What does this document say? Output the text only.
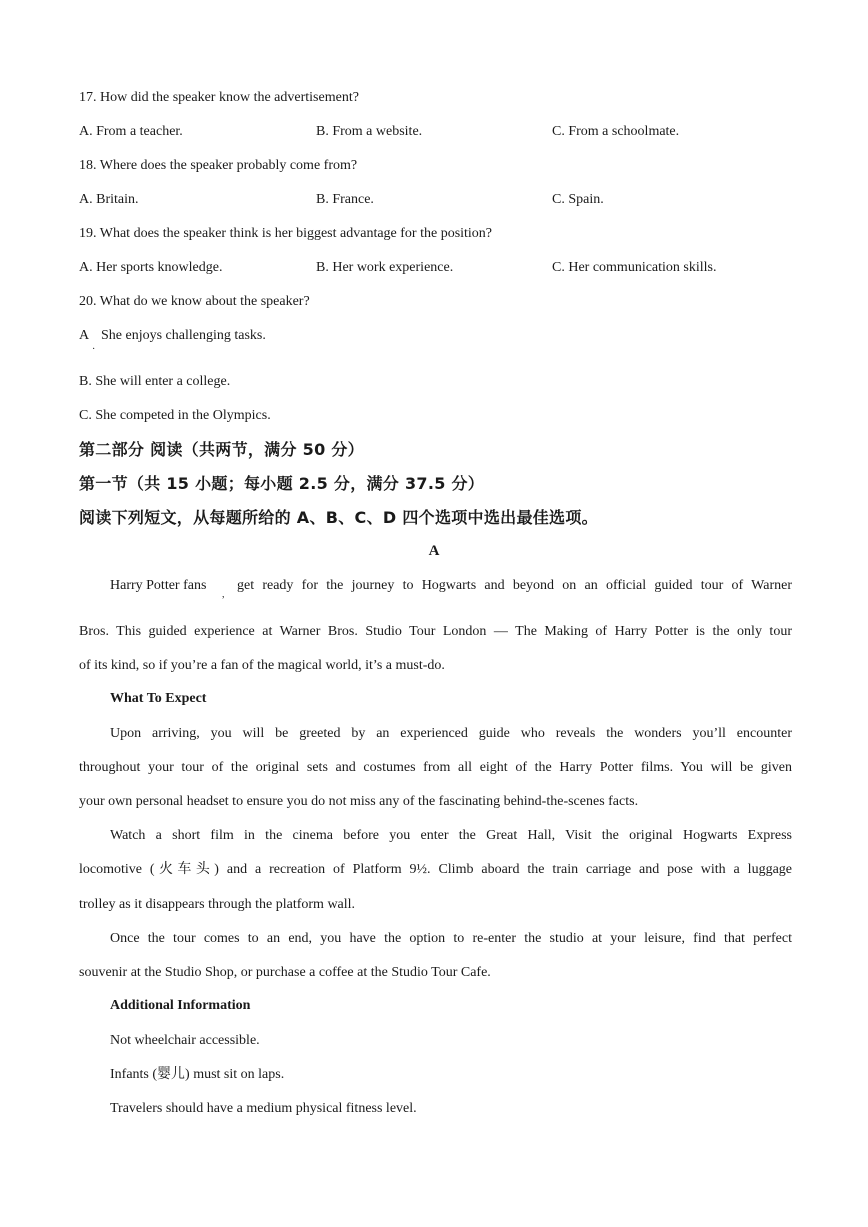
17. How did the speaker know the advertisement?
A. From a teacher.	B. From a website.	C. From a schoolmate.
18. Where does the speaker probably come from?
A. Britain.	B. France.	C. Spain.
19. What does the speaker think is her biggest advantage for the position?
A. Her sports knowledge.	B. Her work experience.	C. Her communication skills.
20. What do we know about the speaker?
A
·
She enjoys challenging tasks.
B. She will enter a college.
C. She competed in the Olympics.
第二部分 阅读（共两节，满分 50 分）
第一节（共 15 小题；每小题 2.5 分，满分 37.5 分）
阅读下列短文，从每题所给的 A、B、C、D 四个选项中选出最佳选项。
A
Harry Potter fans
,
get ready for the journey to Hogwarts and beyond on an official guided tour of Warner
Bros. This guided experience at Warner Bros. Studio Tour London — The Making of Harry Potter is the only tour
of its kind, so if you’re a fan of the magical world, it’s a must-do.
What To Expect
Upon arriving, you will be greeted by an experienced guide who reveals the wonders you’ll encounter
throughout your tour of the original sets and costumes from all eight of the Harry Potter films. You will be given
your own personal headset to ensure you do not miss any of the fascinating behind-the-scenes facts.
Watch a short film in the cinema before you enter the Great Hall, Visit the original Hogwarts Express
locomotive (火车头) and a recreation of Platform 9½. Climb aboard the train carriage and pose with a luggage
trolley as it disappears through the platform wall.
Once the tour comes to an end, you have the option to re-enter the studio at your leisure, find that perfect
souvenir at the Studio Shop, or purchase a coffee at the Studio Tour Cafe.
Additional Information
Not wheelchair accessible.
Infants (婴儿) must sit on laps.
Travelers should have a medium physical fitness level.
